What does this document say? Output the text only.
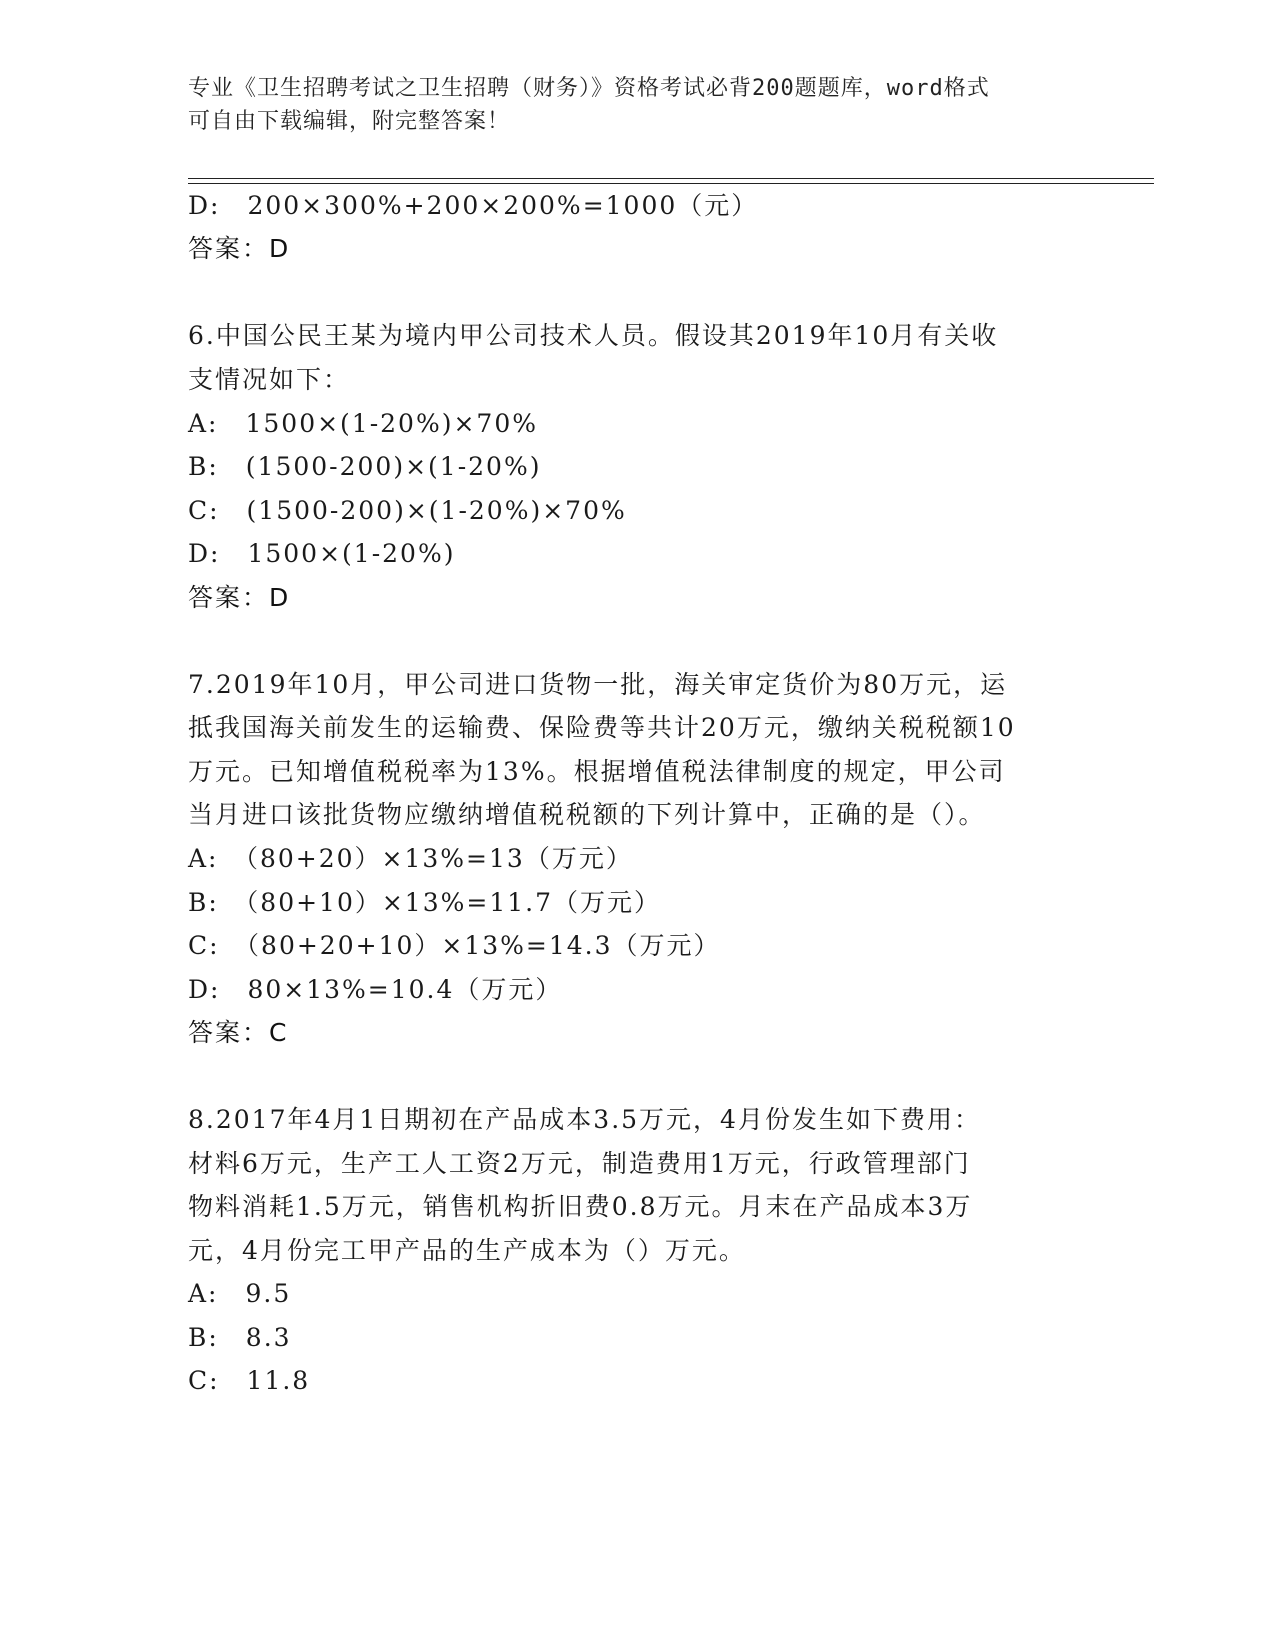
专业《卫生招聘考试之卫生招聘（财务）》资格考试必背200题题库，word格式
可自由下载编辑，附完整答案！
D:　200×300%+200×200%=1000（元）
答案：D
6.中国公民王某为境内甲公司技术人员。假设其2019年10月有关收
支情况如下：
A:　1500×(1-20%)×70%
B:　(1500-200)×(1-20%)
C:　(1500-200)×(1-20%)×70%
D:　1500×(1-20%)
答案：D
7.2019年10月，甲公司进口货物一批，海关审定货价为80万元，运
抵我国海关前发生的运输费、保险费等共计20万元，缴纳关税税额10
万元。已知增值税税率为13%。根据增值税法律制度的规定，甲公司
当月进口该批货物应缴纳增值税税额的下列计算中，正确的是（）。
A:　（80+20）×13%=13（万元）
B:　（80+10）×13%=11.7（万元）
C:　（80+20+10）×13%=14.3（万元）
D:　80×13%=10.4（万元）
答案：C
8.2017年4月1日期初在产品成本3.5万元，4月份发生如下费用：
材料6万元，生产工人工资2万元，制造费用1万元，行政管理部门
物料消耗1.5万元，销售机构折旧费0.8万元。月末在产品成本3万
元，4月份完工甲产品的生产成本为（）万元。
A:　9.5
B:　8.3
C:　11.8
